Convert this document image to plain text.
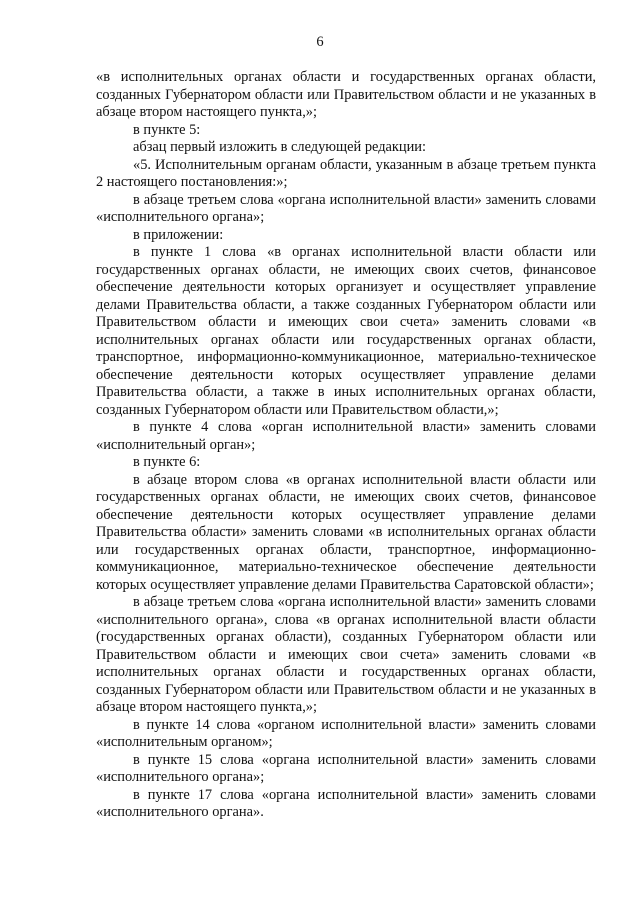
6

«в исполнительных органах области и государственных органах области, созданных Губернатором области или Правительством области и не указанных в абзаце втором настоящего пункта,»;

в пункте 5:

абзац первый изложить в следующей редакции:

«5. Исполнительным органам области, указанным в абзаце третьем пункта 2 настоящего постановления:»;

в абзаце третьем слова «органа исполнительной власти» заменить словами «исполнительного органа»;

в приложении:

в пункте 1 слова «в органах исполнительной власти области или государственных органах области, не имеющих своих счетов, финансовое обеспечение деятельности которых организует и осуществляет управление делами Правительства области, а также созданных Губернатором области или Правительством области и имеющих свои счета» заменить словами «в исполнительных органах области или государственных органах области, транспортное, информационно-коммуникационное, материально-техническое обеспечение деятельности которых осуществляет управление делами Правительства области, а также в иных исполнительных органах области, созданных Губернатором области или Правительством области,»;

в пункте 4 слова «орган исполнительной власти» заменить словами «исполнительный орган»;

в пункте 6:

в абзаце втором слова «в органах исполнительной власти области или государственных органах области, не имеющих своих счетов, финансовое обеспечение деятельности которых осуществляет управление делами Правительства области» заменить словами «в исполнительных органах области или государственных органах области, транспортное, информационно-коммуникационное, материально-техническое обеспечение деятельности которых осуществляет управление делами Правительства Саратовской области»;

в абзаце третьем слова «органа исполнительной власти» заменить словами «исполнительного органа», слова «в органах исполнительной власти области (государственных органах области), созданных Губернатором области или Правительством области и имеющих свои счета» заменить словами «в исполнительных органах области и государственных органах области, созданных Губернатором области или Правительством области и не указанных в абзаце втором настоящего пункта,»;

в пункте 14 слова «органом исполнительной власти» заменить словами «исполнительным органом»;

в пункте 15 слова «органа исполнительной власти» заменить словами «исполнительного органа»;

в пункте 17 слова «органа исполнительной власти» заменить словами «исполнительного органа».
